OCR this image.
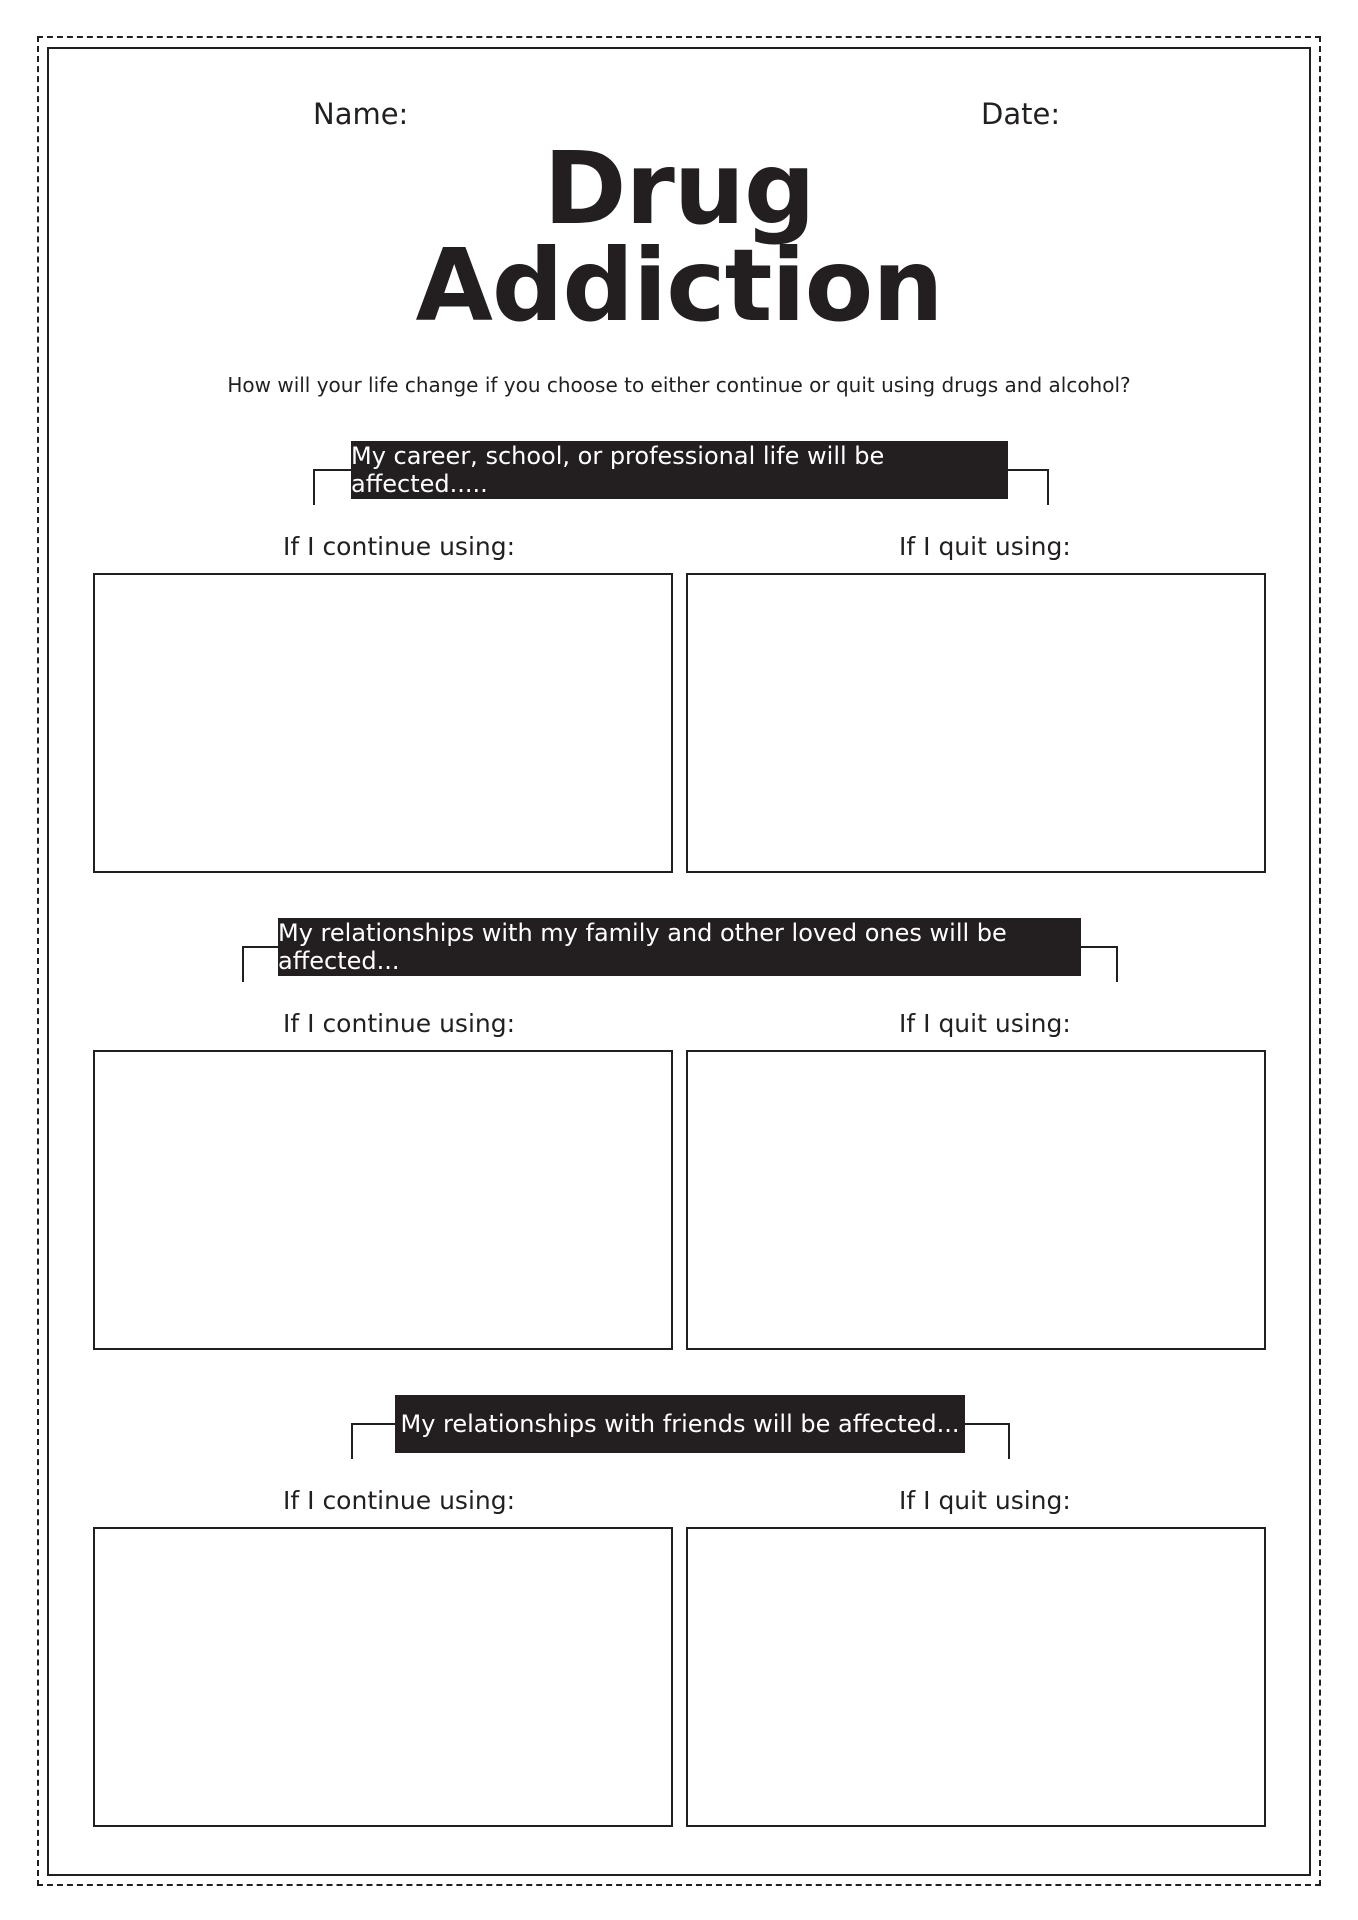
Name:	Date:
Drug
Addiction
How will your life change if you choose to either continue or quit using drugs and alcohol?
My career, school, or professional life will be affected.....
If I continue using:	If I quit using:
My relationships with my family and other loved ones will be affected...
If I continue using:	If I quit using:
My relationships with friends will be affected...
If I continue using:	If I quit using:
